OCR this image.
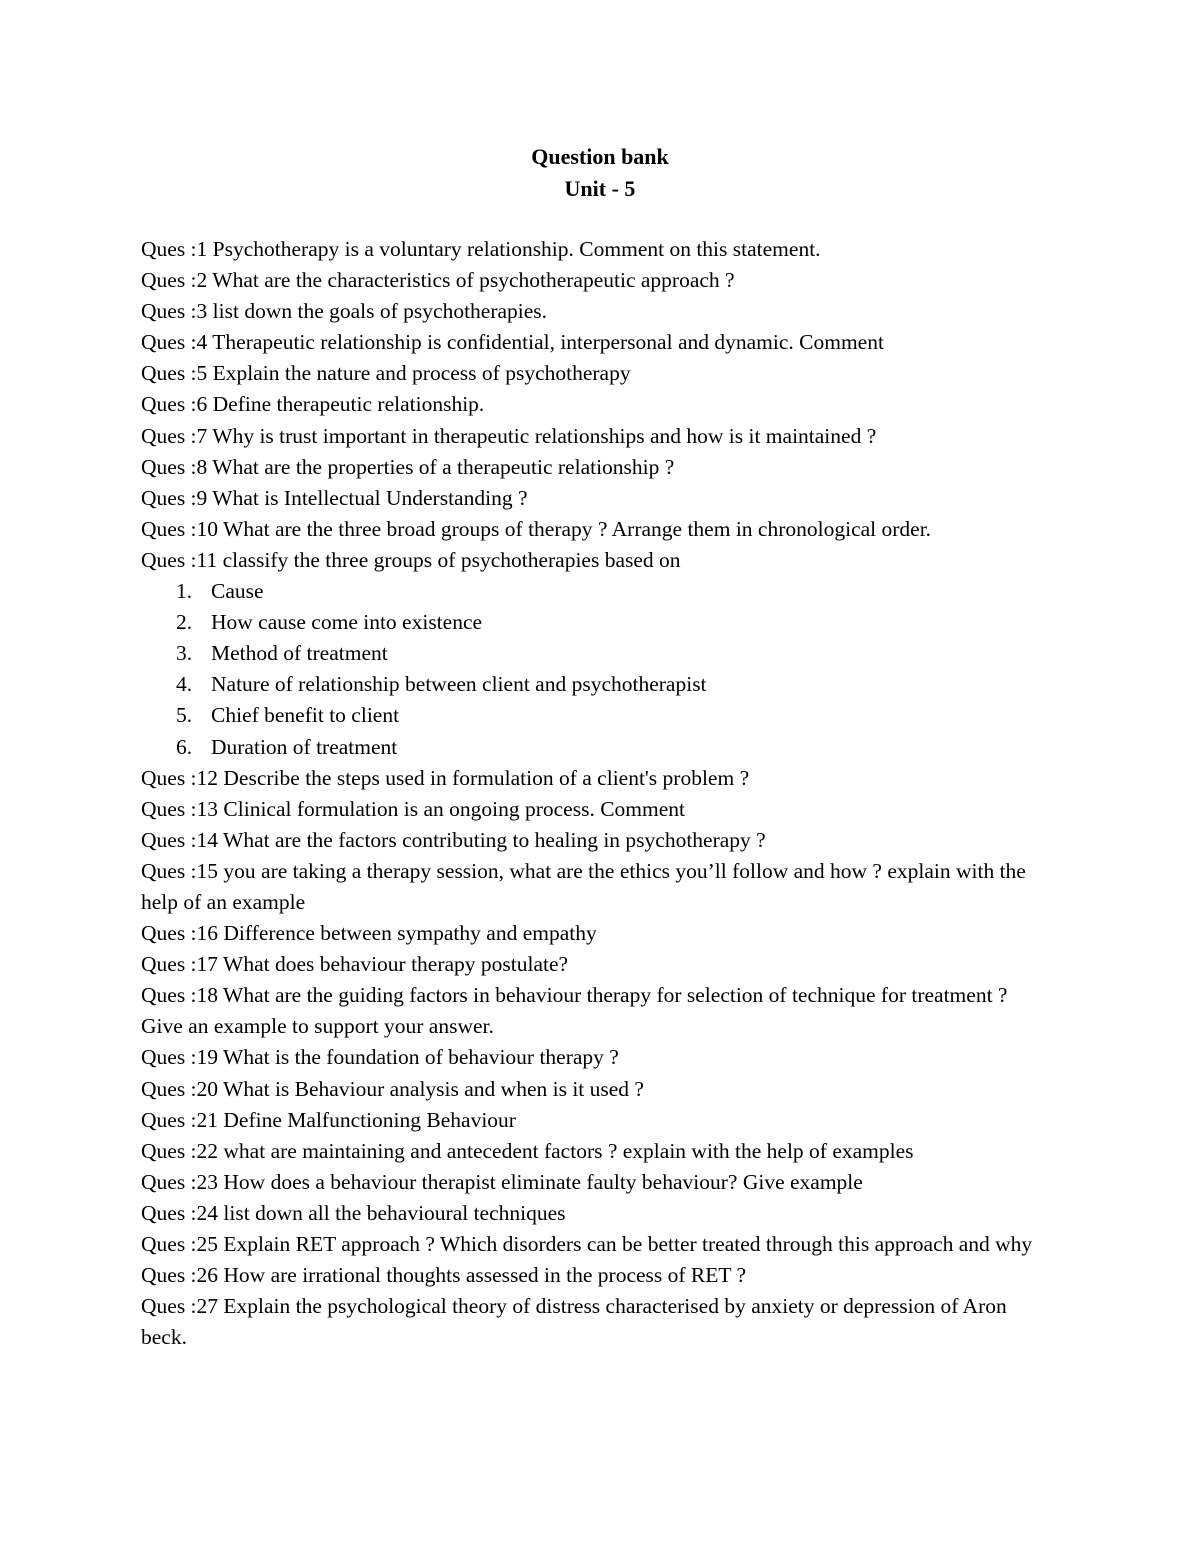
Question bank
Unit - 5

Ques :1 Psychotherapy is a voluntary relationship. Comment on this statement.

Ques :2 What are the characteristics of psychotherapeutic approach ?

Ques :3 list down the goals of psychotherapies.

Ques :4 Therapeutic relationship is confidential, interpersonal and dynamic. Comment

Ques :5 Explain the nature and process of psychotherapy

Ques :6 Define therapeutic relationship.

Ques :7 Why is trust important in therapeutic relationships and how is it maintained ?

Ques :8 What are the properties of a therapeutic relationship ?

Ques :9 What is Intellectual Understanding ?

Ques :10 What are the three broad groups of therapy ? Arrange them in chronological order.

Ques :11 classify the three groups of psychotherapies based on

1. Cause
2. How cause come into existence
3. Method of treatment
4. Nature of relationship between client and psychotherapist
5. Chief benefit to client
6. Duration of treatment

Ques :12 Describe the steps used in formulation of a client's problem ?

Ques :13 Clinical formulation is an ongoing process. Comment

Ques :14 What are the factors contributing to healing in psychotherapy ?

Ques :15 you are taking a therapy session, what are the ethics you’ll follow and how ? explain with the help of an example

Ques :16 Difference between sympathy and empathy

Ques :17 What does behaviour therapy postulate?

Ques :18 What are the guiding factors in behaviour therapy for selection of technique for treatment ? Give an example to support your answer.

Ques :19 What is the foundation of behaviour therapy ?

Ques :20 What is Behaviour analysis and when is it used ?

Ques :21 Define Malfunctioning Behaviour

Ques :22 what are maintaining and antecedent factors ? explain with the help of examples

Ques :23 How does a behaviour therapist eliminate faulty behaviour? Give example

Ques :24 list down all the behavioural techniques

Ques :25 Explain RET approach ? Which disorders can be better treated through this approach and why

Ques :26 How are irrational thoughts assessed in the process of RET ?

Ques :27 Explain the psychological theory of distress characterised by anxiety or depression of Aron beck.
